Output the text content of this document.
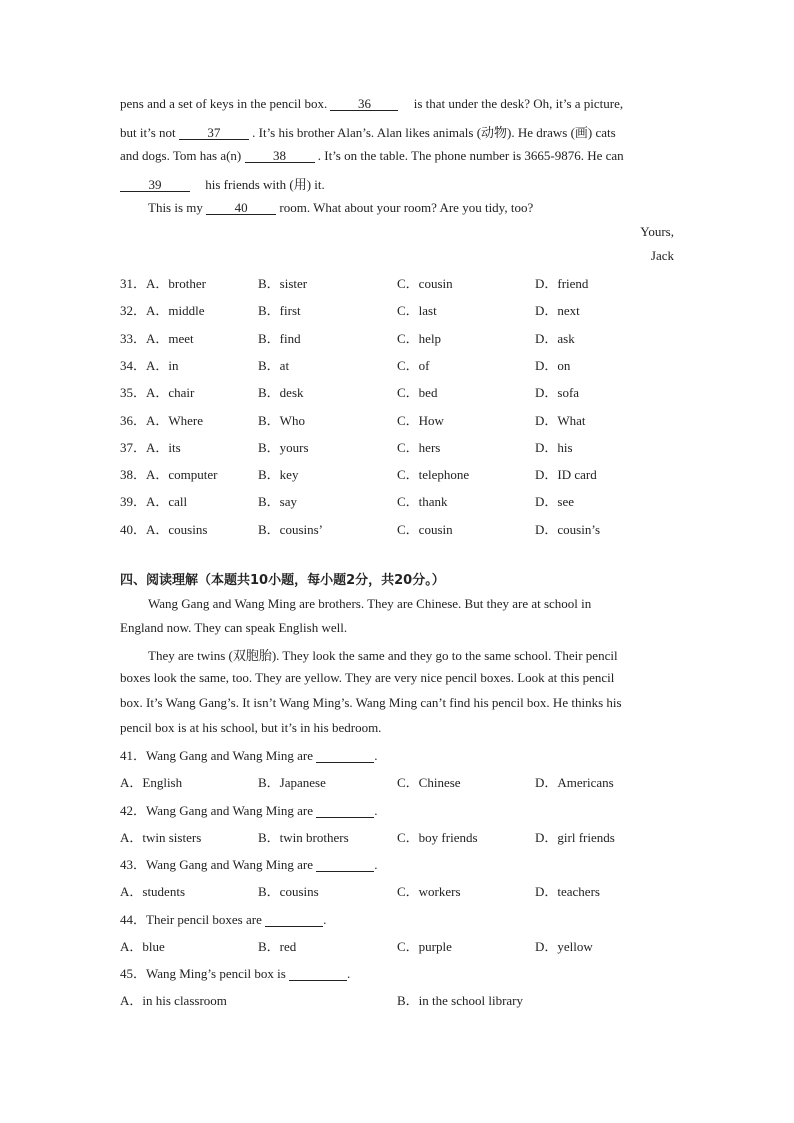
pens and a set of keys in the pencil box. 36	is that under the desk? Oh, it’s a picture,
but it’s not 37 . It’s his brother Alan’s. Alan likes animals (动物). He draws (画) cats
and dogs. Tom has a(n) 38 . It’s on the table. The phone number is 3665-9876. He can
39	his friends with (用) it.
This is my 40 room. What about your room? Are you tidy, too?
Yours,
Jack
31．A．brother	B．sister	C．cousin	D．friend
32．A．middle	B．first	C．last	D．next
33．A．meet	B．find	C．help	D．ask
34．A．in	B．at	C．of	D．on
35．A．chair	B．desk	C．bed	D．sofa
36．A．Where	B．Who	C．How	D．What
37．A．its	B．yours	C．hers	D．his
38．A．computer	B．key	C．telephone	D．ID card
39．A．call	B．say	C．thank	D．see
40．A．cousins	B．cousins’	C．cousin	D．cousin’s
四、阅读理解（本题共10小题，每小题2分，共20分。）
Wang Gang and Wang Ming are brothers. They are Chinese. But they are at school in
England now. They can speak English well.
They are twins (双胞胎). They look the same and they go to the same school. Their pencil
boxes look the same, too. They are yellow. They are very nice pencil boxes. Look at this pencil
box. It’s Wang Gang’s. It isn’t Wang Ming’s. Wang Ming can’t find his pencil box. He thinks his
pencil box is at his school, but it’s in his bedroom.
41．Wang Gang and Wang Ming are	.
A．English	B．Japanese	C．Chinese	D．Americans
42．Wang Gang and Wang Ming are	.
A．twin sisters	B．twin brothers	C．boy friends	D．girl friends
43．Wang Gang and Wang Ming are	.
A．students	B．cousins	C．workers	D．teachers
44．Their pencil boxes are	.
A．blue	B．red	C．purple	D．yellow
45．Wang Ming’s pencil box is	.
A．in his classroom	B．in the school library
